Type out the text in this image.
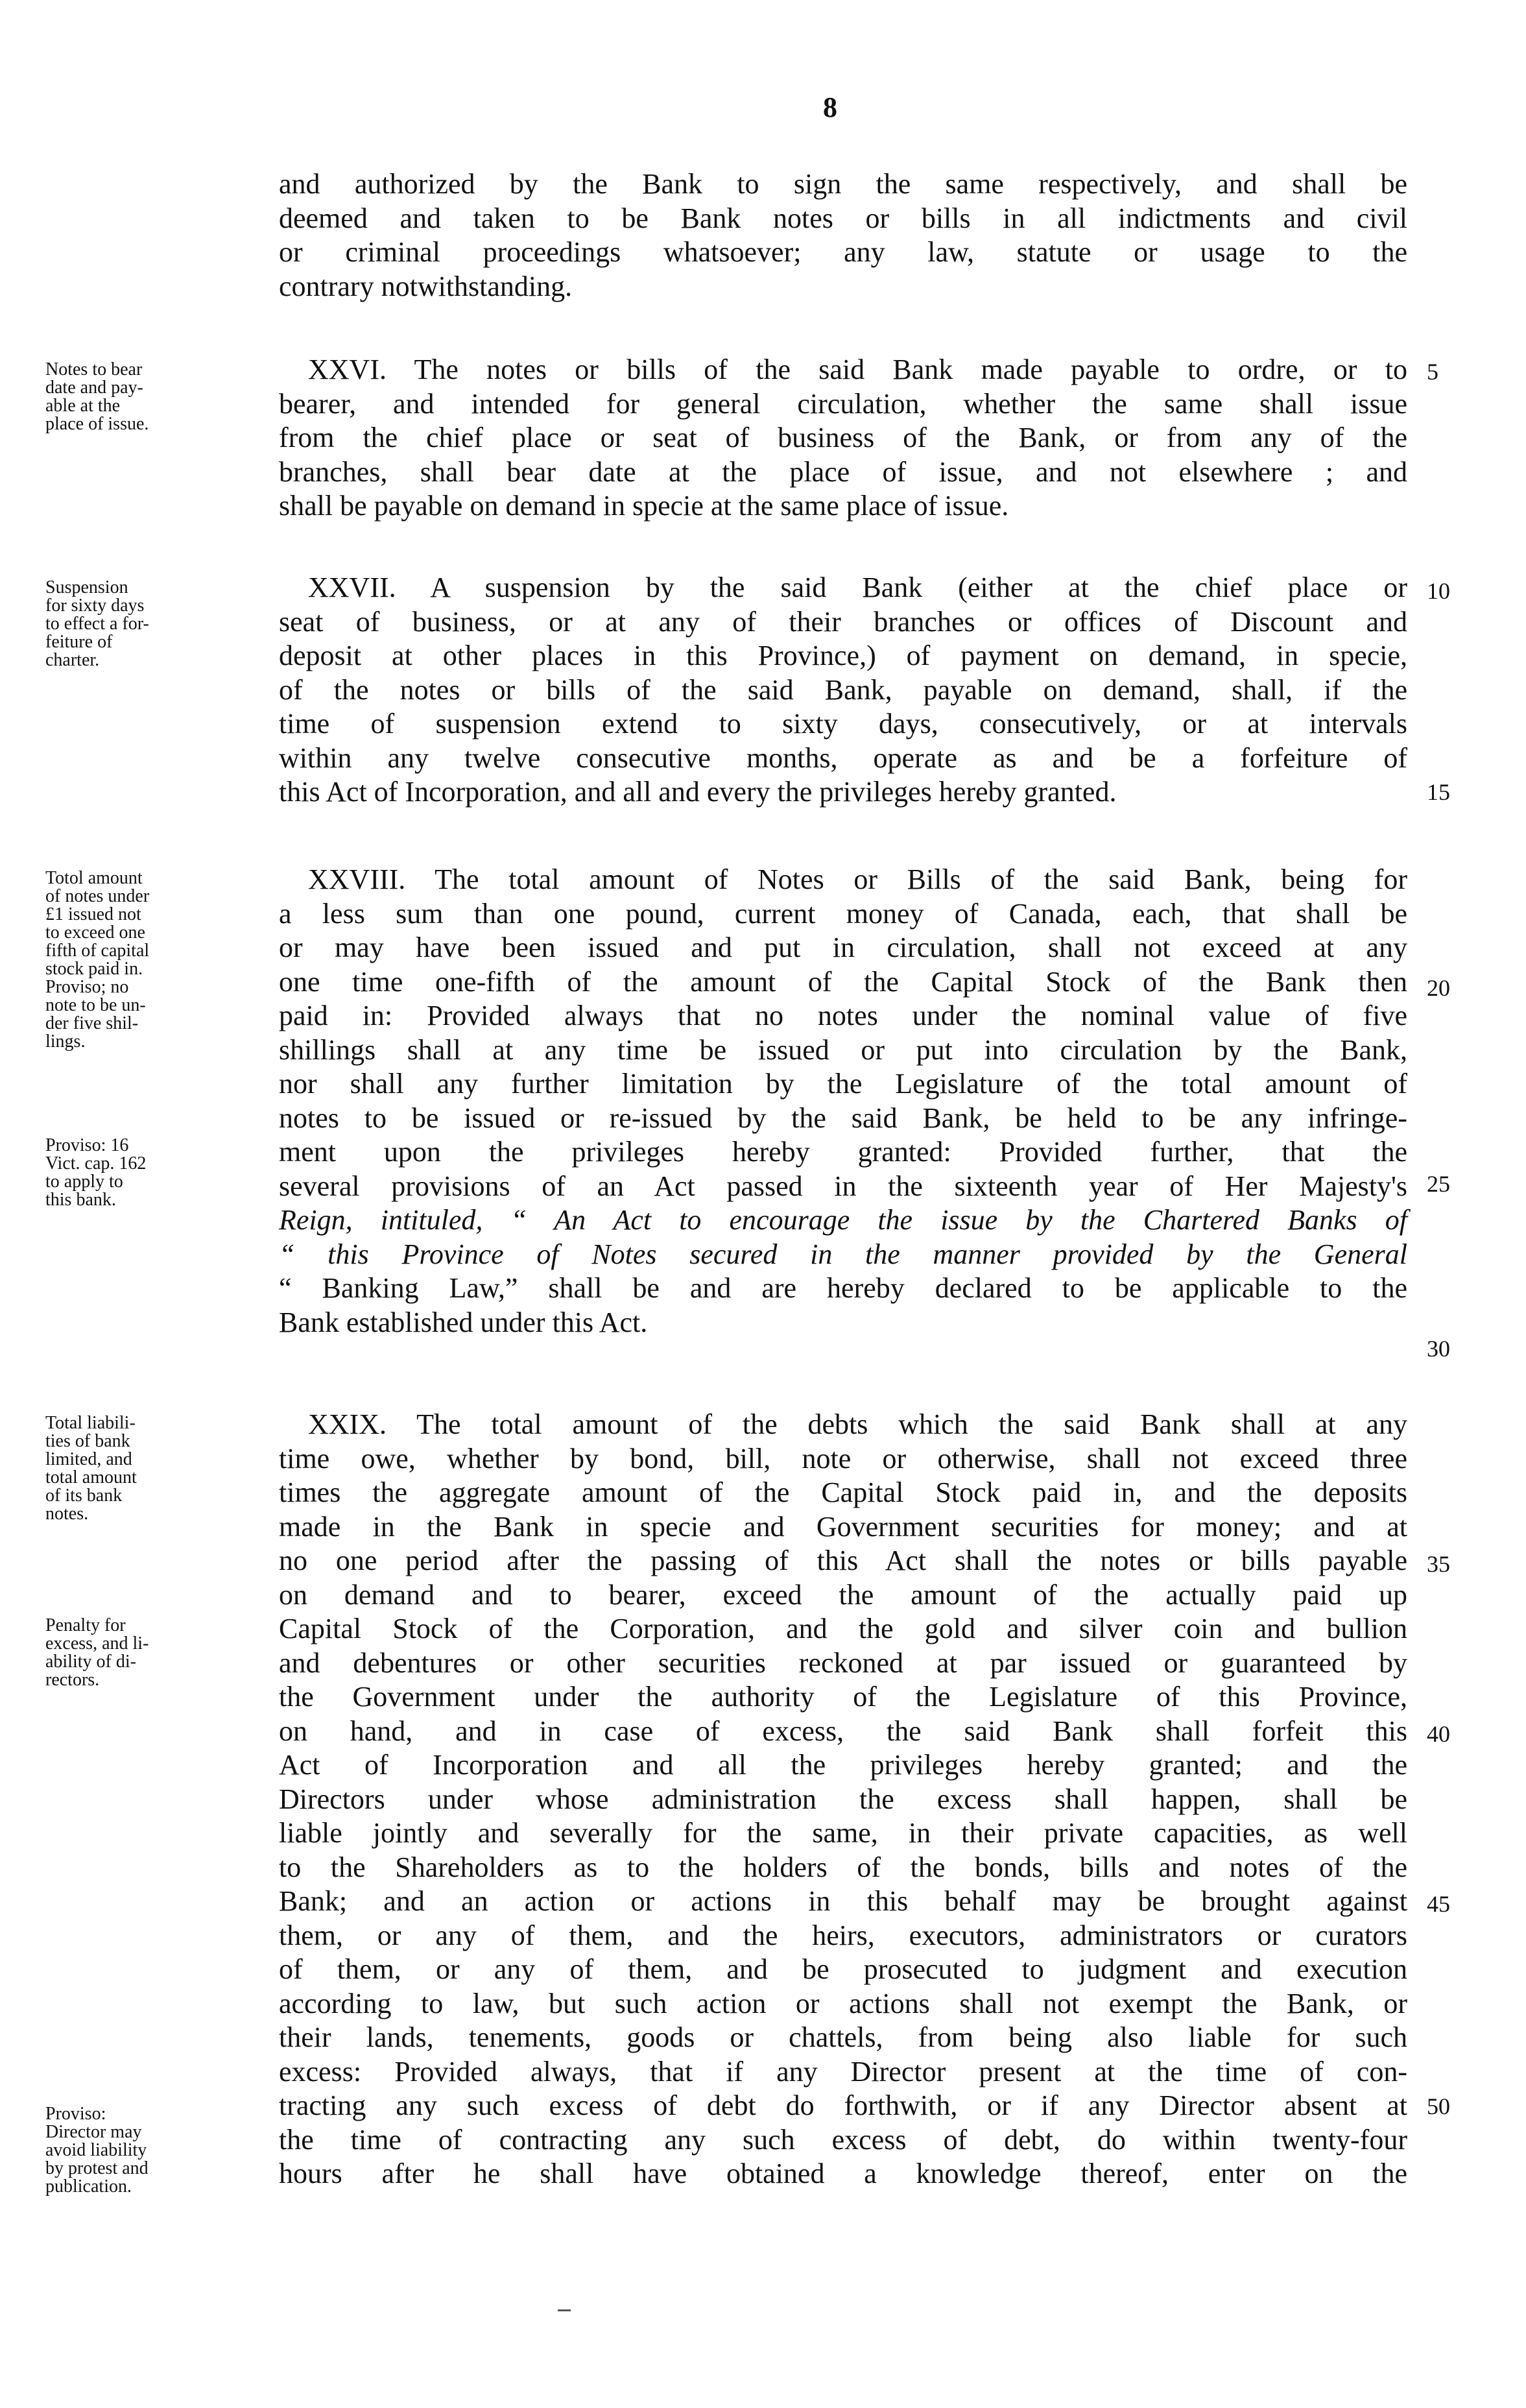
8
and authorized by the Bank to sign the same respectively, and shall be
deemed and taken to be Bank notes or bills in all indictments and civil
or criminal proceedings whatsoever; any law, statute or usage to the
contrary notwithstanding.
XXVI. The notes or bills of the said Bank made payable to ordre, or to
bearer, and intended for general circulation, whether the same shall issue
from the chief place or seat of business of the Bank, or from any of the
branches, shall bear date at the place of issue, and not elsewhere ; and
shall be payable on demand in specie at the same place of issue.
XXVII. A suspension by the said Bank (either at the chief place or
seat of business, or at any of their branches or offices of Discount and
deposit at other places in this Province,) of payment on demand, in specie,
of the notes or bills of the said Bank, payable on demand, shall, if the
time of suspension extend to sixty days, consecutively, or at intervals
within any twelve consecutive months, operate as and be a forfeiture of
this Act of Incorporation, and all and every the privileges hereby granted.
XXVIII. The total amount of Notes or Bills of the said Bank, being for
a less sum than one pound, current money of Canada, each, that shall be
or may have been issued and put in circulation, shall not exceed at any
one time one-fifth of the amount of the Capital Stock of the Bank then
paid in: Provided always that no notes under the nominal value of five
shillings shall at any time be issued or put into circulation by the Bank,
nor shall any further limitation by the Legislature of the total amount of
notes to be issued or re-issued by the said Bank, be held to be any infringe-
ment upon the privileges hereby granted: Provided further, that the
several provisions of an Act passed in the sixteenth year of Her Majesty's
Reign, intituled, “ An Act to encourage the issue by the Chartered Banks of
“ this Province of Notes secured in the manner provided by the General
“ Banking Law,” shall be and are hereby declared to be applicable to the
Bank established under this Act.
XXIX. The total amount of the debts which the said Bank shall at any
time owe, whether by bond, bill, note or otherwise, shall not exceed three
times the aggregate amount of the Capital Stock paid in, and the deposits
made in the Bank in specie and Government securities for money; and at
no one period after the passing of this Act shall the notes or bills payable
on demand and to bearer, exceed the amount of the actually paid up
Capital Stock of the Corporation, and the gold and silver coin and bullion
and debentures or other securities reckoned at par issued or guaranteed by
the Government under the authority of the Legislature of this Province,
on hand, and in case of excess, the said Bank shall forfeit this
Act of Incorporation and all the privileges hereby granted; and the
Directors under whose administration the excess shall happen, shall be
liable jointly and severally for the same, in their private capacities, as well
to the Shareholders as to the holders of the bonds, bills and notes of the
Bank; and an action or actions in this behalf may be brought against
them, or any of them, and the heirs, executors, administrators or curators
of them, or any of them, and be prosecuted to judgment and execution
according to law, but such action or actions shall not exempt the Bank, or
their lands, tenements, goods or chattels, from being also liable for such
excess: Provided always, that if any Director present at the time of con-
tracting any such excess of debt do forthwith, or if any Director absent at
the time of contracting any such excess of debt, do within twenty-four
hours after he shall have obtained a knowledge thereof, enter on the
Notes to bear
date and pay-
able at the
place of issue.
Suspension
for sixty days
to effect a for-
feiture of
charter.
Totol amount
of notes under
£1 issued not
to exceed one
fifth of capital
stock paid in.
Proviso; no
note to be un-
der five shil-
lings.
Proviso: 16
Vict. cap. 162
to apply to
this bank.
Total liabili-
ties of bank
limited, and
total amount
of its bank
notes.
Penalty for
excess, and li-
ability of di-
rectors.
Proviso:
Director may
avoid liability
by protest and
publication.
5
10
15
20
25
30
35
40
45
50
